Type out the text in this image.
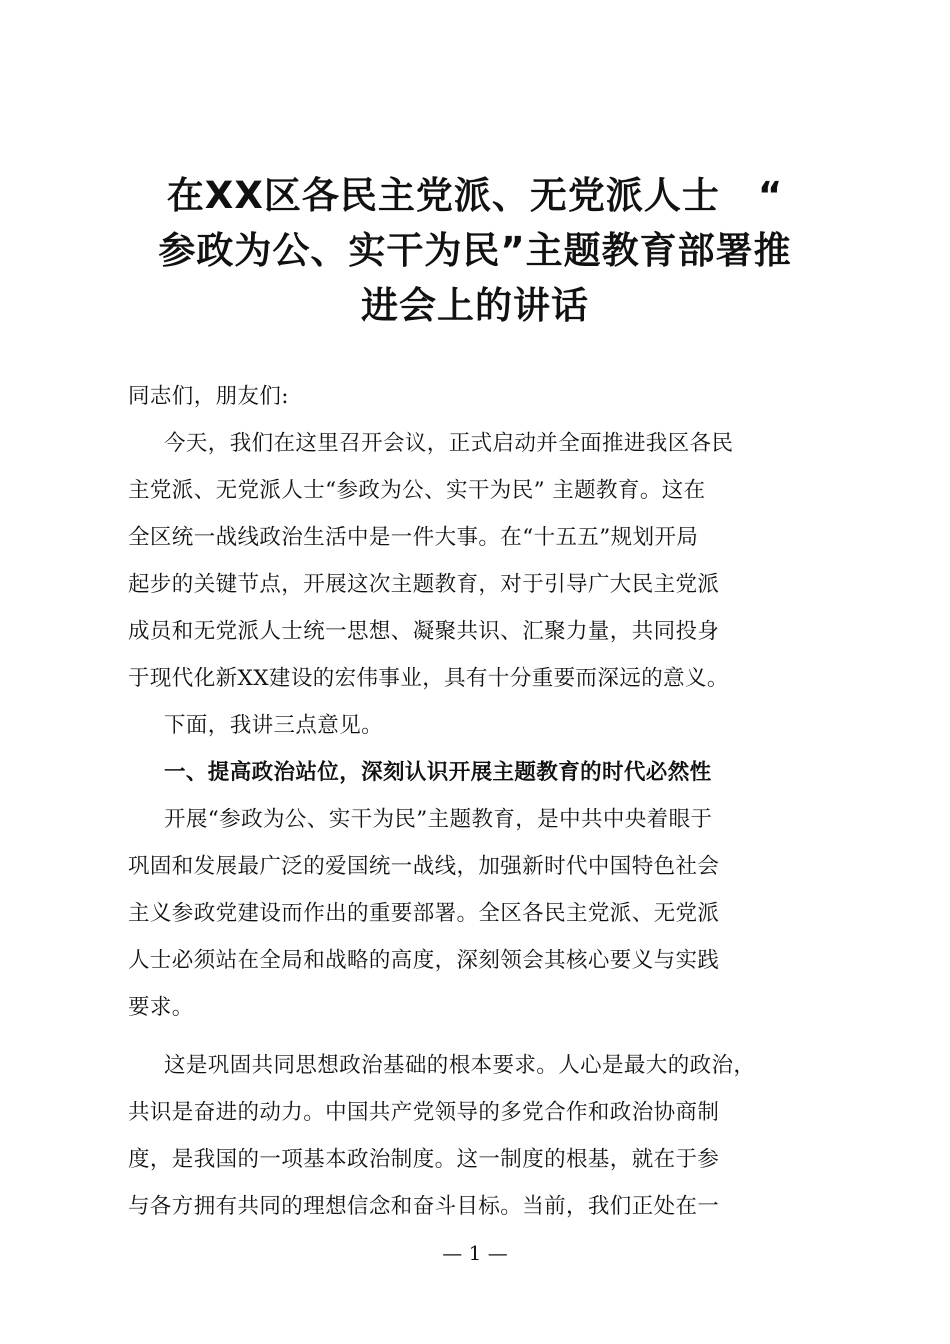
在XX区各民主党派、无党派人士　“
参政为公、实干为民”主题教育部署推
进会上的讲话

同志们，朋友们:

今天，我们在这里召开会议，正式启动并全面推进我区各民
主党派、无党派人士“参政为公、实干为民” 主题教育。这在
全区统一战线政治生活中是一件大事。在“十五五”规划开局
起步的关键节点，开展这次主题教育，对于引导广大民主党派
成员和无党派人士统一思想、凝聚共识、汇聚力量，共同投身
于现代化新XX建设的宏伟事业，具有十分重要而深远的意义。

下面，我讲三点意见。

一、提高政治站位，深刻认识开展主题教育的时代必然性

开展“参政为公、实干为民”主题教育，是中共中央着眼于
巩固和发展最广泛的爱国统一战线，加强新时代中国特色社会
主义参政党建设而作出的重要部署。全区各民主党派、无党派
人士必须站在全局和战略的高度，深刻领会其核心要义与实践
要求。

这是巩固共同思想政治基础的根本要求。人心是最大的政治，
共识是奋进的动力。中国共产党领导的多党合作和政治协商制
度，是我国的一项基本政治制度。这一制度的根基，就在于参
与各方拥有共同的理想信念和奋斗目标。当前，我们正处在一

— 1 —
